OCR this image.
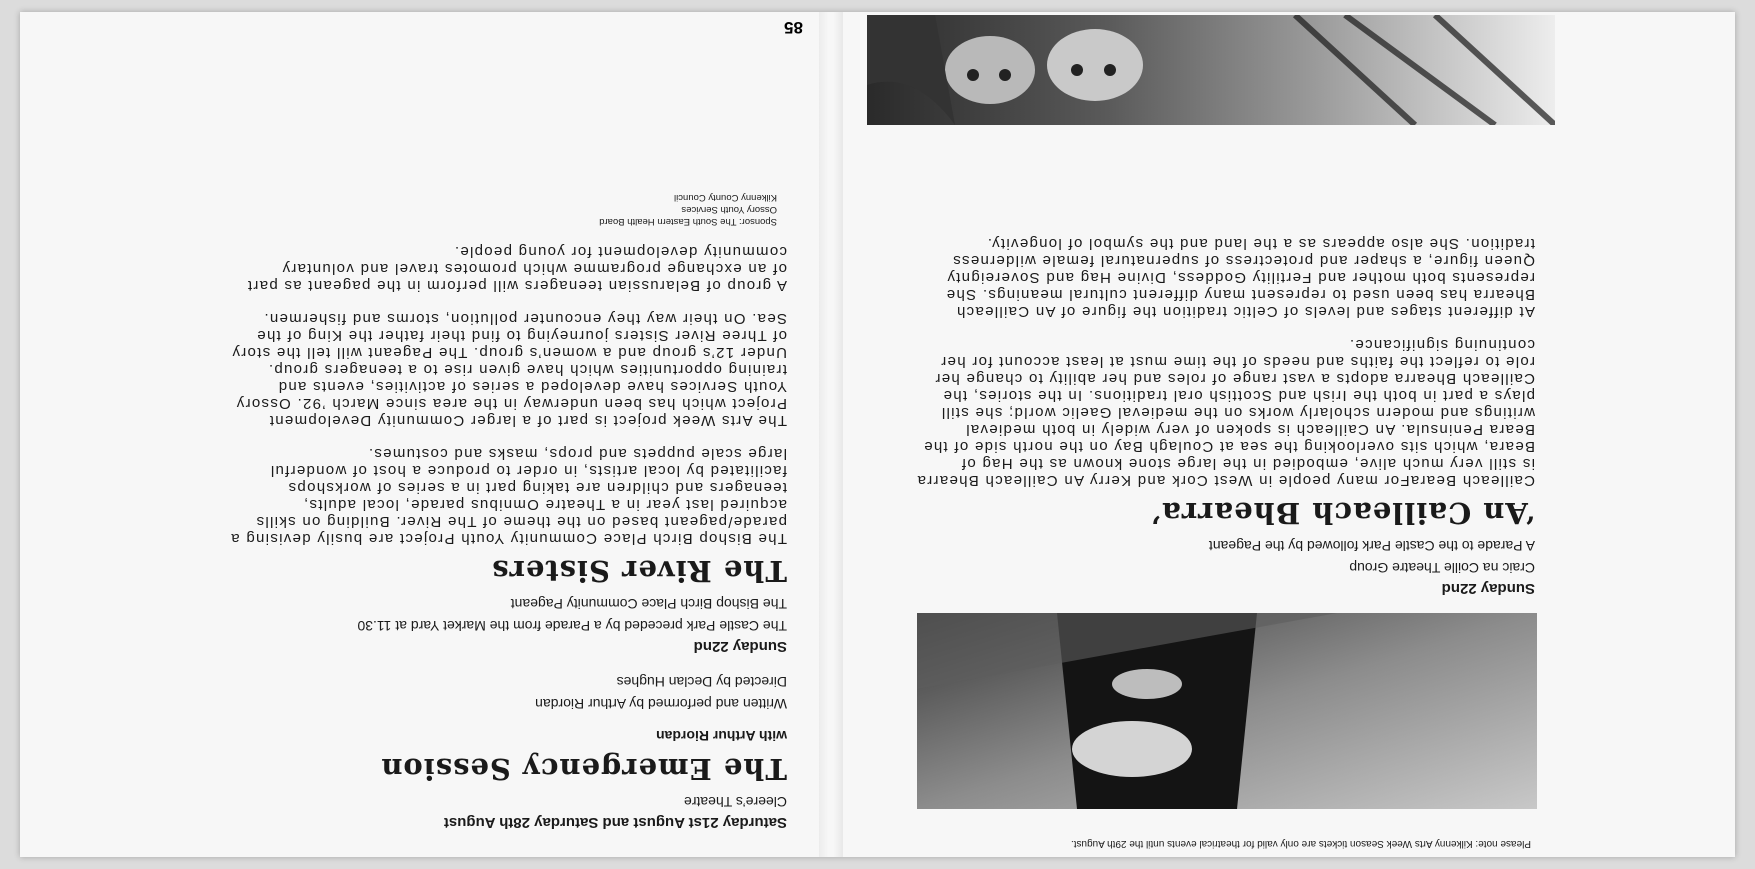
Please note: Kilkenny Arts Week Season tickets are only valid for theatrical events until the 29th August.
Sunday 22nd
Craic na Coille Theatre Group
A Parade to the Castle Park followed by the Pageant
‘An Cailleach Bhearra’
Cailleach BearaFor many people in West Cork and Kerry An Cailleach Bhearra is still very much alive, embodied in the large stone known as the Hag of Beara, which sits overlooking the sea at Coulagh Bay on the north side of the Beara Peninsula. An Cailleach is spoken of very widely in both medieval writings and modern scholarly works on the medieval Gaelic world; she still plays a part in both the Irish and Scottish oral traditions. In the stories, the Cailleach Bhearra adopts a vast range of roles and her ability to change her role to reflect the faiths and needs of the time must at least account for her continuing significance.
At different stages and levels of Celtic tradition the figure of An Cailleach Bhearra has been used to represent many different cultural meanings. She represents both mother and Fertility Goddess, Divine Hag and Sovereignty Queen figure, a shaper and protectress of supernatural female wilderness tradition. She also appears as a the land and the symbol of longevity.
Saturday 21st August and Saturday 28th August
Cleere’s Theatre
The Emergency Session
with Arthur Riordan
Written and performed by Arthur Riordan
Directed by Declan Hughes
Sunday 22nd
The Castle Park preceded by a Parade from the Market Yard at 11.30
The Bishop Birch Place Community Pageant
The River Sisters
The Bishop Birch Place Community Youth Project are busily devising a parade/pageant based on the theme of The River. Building on skills acquired last year in a Theatre Omnibus parade, local adults, teenagers and children are taking part in a series of workshops facilitated by local artists, in order to produce a host of wonderful large scale puppets and props, masks and costumes.
The Arts Week project is part of a larger Community Development Project which has been underway in the area since March ’92. Ossory Youth Services have developed a series of activities, events and training opportunities which have given rise to a teenagers group. Under 12’s group and a women’s group. The Pageant will tell the story of Three River Sisters journeying to find their father the King of the Sea. On their way they encounter pollution, storms and fishermen.
A group of Belarussian teenagers will perform in the pageant as part of an exchange programme which promotes travel and voluntary community development for young people.
Sponsor: The South Eastern Health Board
Ossory Youth Services
Kilkenny County Council
85
